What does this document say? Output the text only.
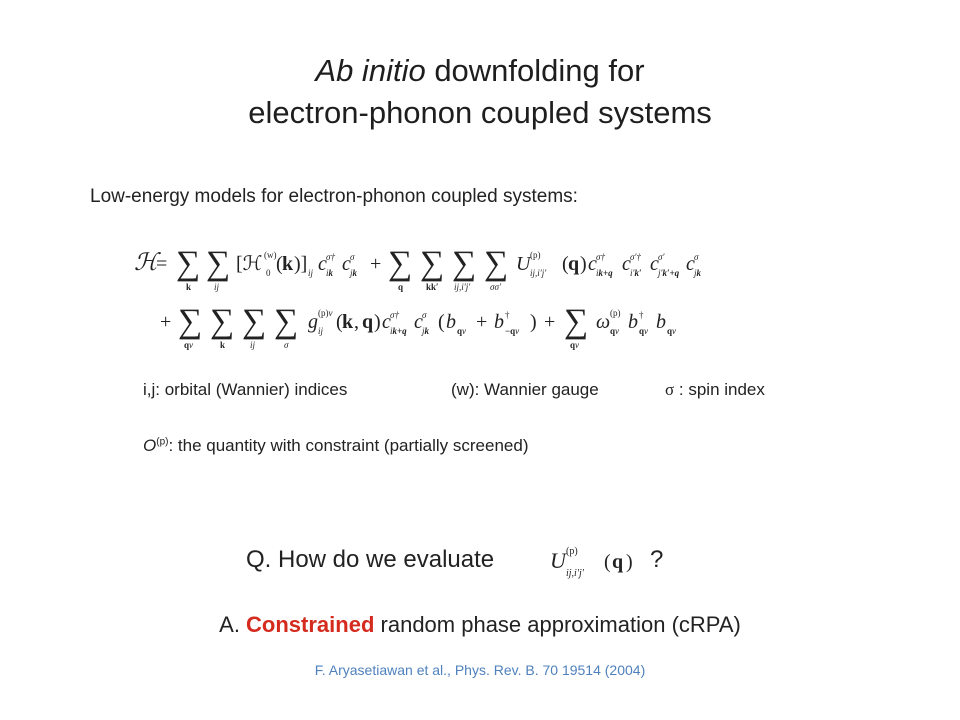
Ab initio downfolding for
electron-phonon coupled systems
Low-energy models for electron-phonon coupled systems:
ℋ
= ∑
k
∑
ij
[ℋ 0
(w) ( k )] ij c σ†
ik c σ
jk + ∑
q
∑
kk′
∑
ij,i′j′
∑
σσ′
U (p)
ij,i′j′ ( q ) c σ†
ik+q c σ′†
i′k′ c σ′
j′k′+q c σ
jk
+ ∑
qν
∑
k
∑
ij
∑
σ
g (p)ν
ij ( k , q ) c σ†
ik+q c σ
jk ( b qν + b †
−qν ) + ∑
qν
ω (p)
qν b †
qν b qν
i,j: orbital (Wannier) indices	(w): Wannier gauge	σ : spin index
$O^{(p)}$: the quantity with constraint (partially screened)
Q. How do we evaluate	U (p)
ij,i′j′
( q ) ?
A. Constrained random phase approximation (cRPA)
F. Aryasetiawan et al., Phys. Rev. B. 70 19514 (2004)
